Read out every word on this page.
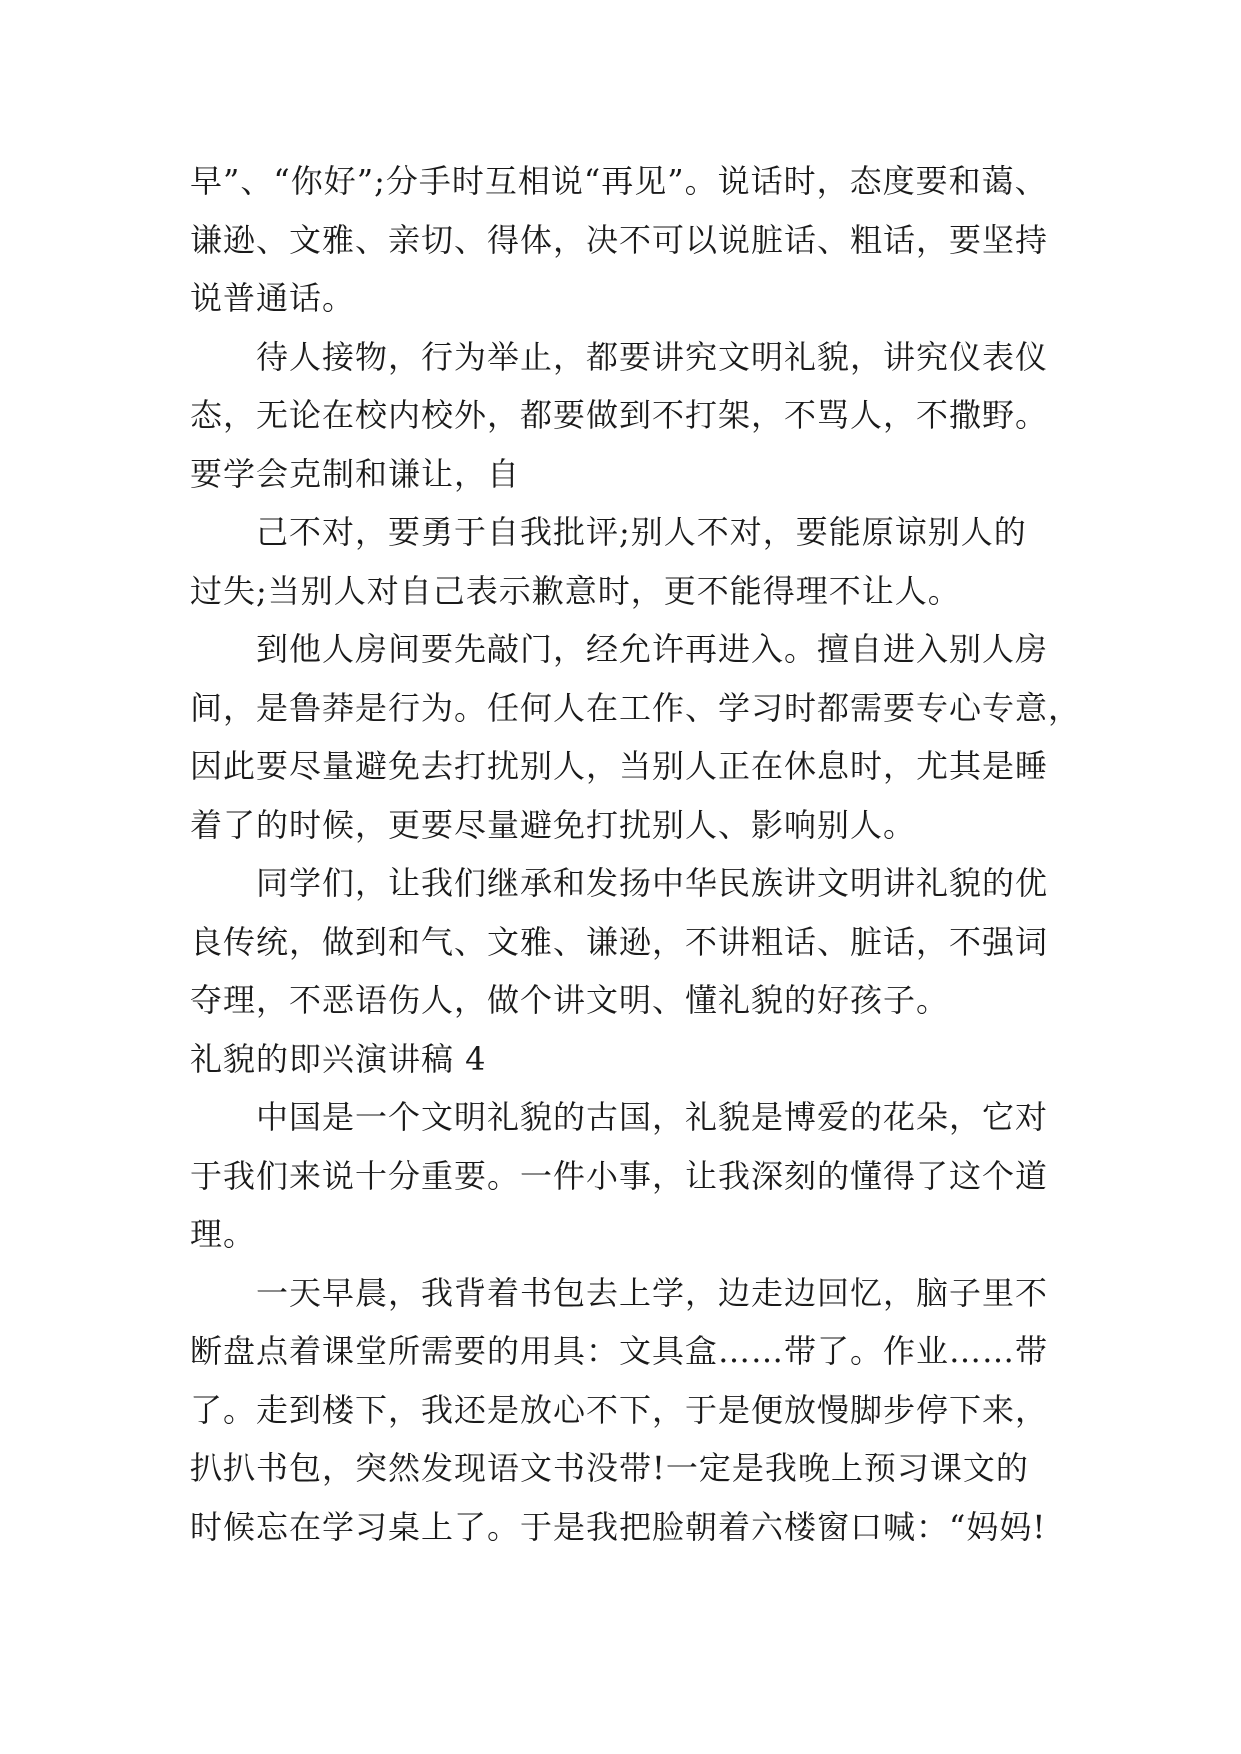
早”、“你好”;分手时互相说“再见”。说话时，态度要和蔼、
谦逊、文雅、亲切、得体，决不可以说脏话、粗话，要坚持
说普通话。
待人接物，行为举止，都要讲究文明礼貌，讲究仪表仪
态，无论在校内校外，都要做到不打架，不骂人，不撒野。
要学会克制和谦让，自
己不对，要勇于自我批评;别人不对，要能原谅别人的
过失;当别人对自己表示歉意时，更不能得理不让人。
到他人房间要先敲门，经允许再进入。擅自进入别人房
间，是鲁莽是行为。任何人在工作、学习时都需要专心专意，
因此要尽量避免去打扰别人，当别人正在休息时，尤其是睡
着了的时候，更要尽量避免打扰别人、影响别人。
同学们，让我们继承和发扬中华民族讲文明讲礼貌的优
良传统，做到和气、文雅、谦逊，不讲粗话、脏话，不强词
夺理，不恶语伤人，做个讲文明、懂礼貌的好孩子。
礼貌的即兴演讲稿 4
中国是一个文明礼貌的古国，礼貌是博爱的花朵，它对
于我们来说十分重要。一件小事，让我深刻的懂得了这个道
理。
一天早晨，我背着书包去上学，边走边回忆，脑子里不
断盘点着课堂所需要的用具：文具盒……带了。作业……带
了。走到楼下，我还是放心不下，于是便放慢脚步停下来，
扒扒书包，突然发现语文书没带!一定是我晚上预习课文的
时候忘在学习桌上了。于是我把脸朝着六楼窗口喊：“妈妈!
